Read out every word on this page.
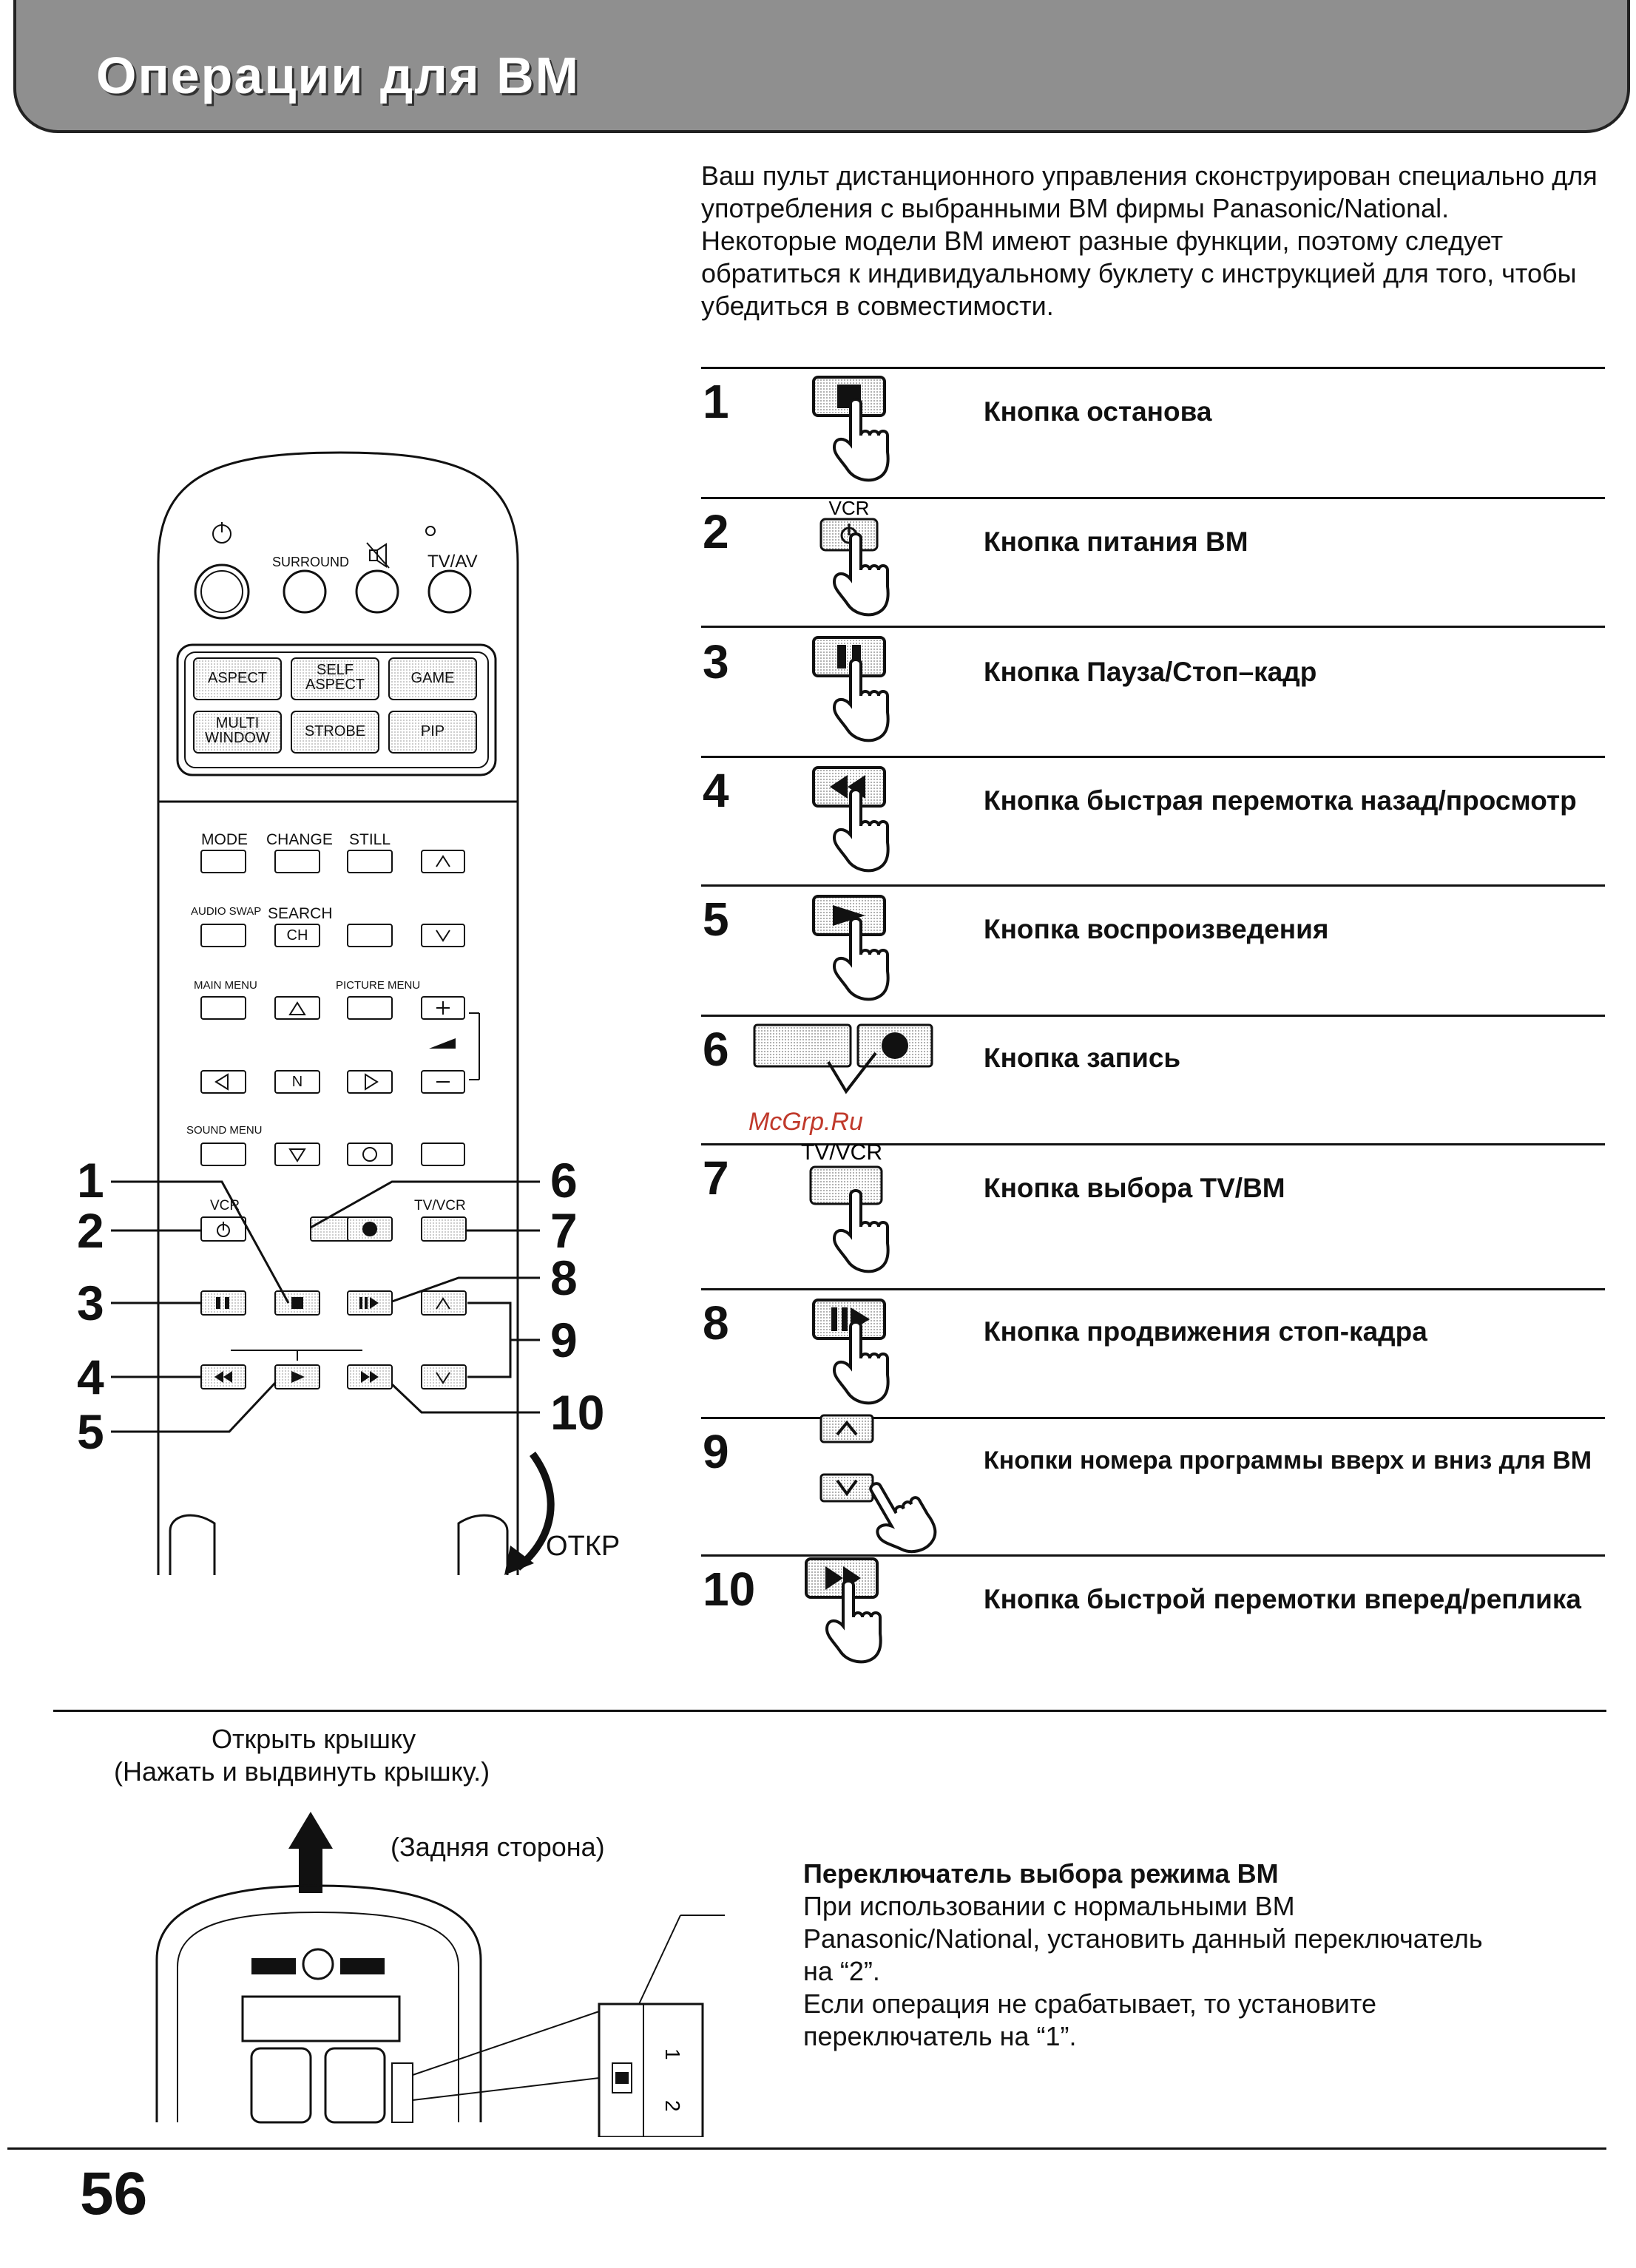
Операции для ВМ

Ваш пульт дистанционного управления сконструирован специально для употребления с выбранными ВМ фирмы Panasonic/National.

Некоторые модели ВМ имеют разные функции, поэтому следует обратиться к индивидуальному буклету с инструкцией для того, чтобы убедиться в совместимости.

1	Кнопка останова
2	Кнопка питания ВМ
3	Кнопка Пауза/Стоп–кадр
4	Кнопка быстрая перемотка назад/просмотр
5	Кнопка воспроизведения
6	Кнопка запись
7	Кнопка выбора TV/BM
8	Кнопка продвижения стоп-кадра
9	Кнопки номера программы вверх и вниз для ВМ
10	Кнопка быстрой перемотки вперед/реплика
VCR
TV/VCR
SURROUND	TV/AV
ASPECT	SELF
ASPECT	GAME
MULTI
WINDOW	STROBE	PIP
MODE CHANGE STILL
AUDIO SWAP SEARCH
CH
MAIN MENU	PICTURE MENU
N
SOUND MENU
VCR	TV/VCR
1
2
3
4
5
6
7
8
9
10
ОТКР
McGrp.Ru
Открыть крышку
(Нажать и выдвинуть крышку.)
(Задняя сторона)
1
2
Переключатель выбора режима ВМ
При использовании с нормальными ВМ
Panasonic/National, установить данный переключатель
на “2”.
Если операция не срабатывает, то установите
переключатель на “1”.
56
